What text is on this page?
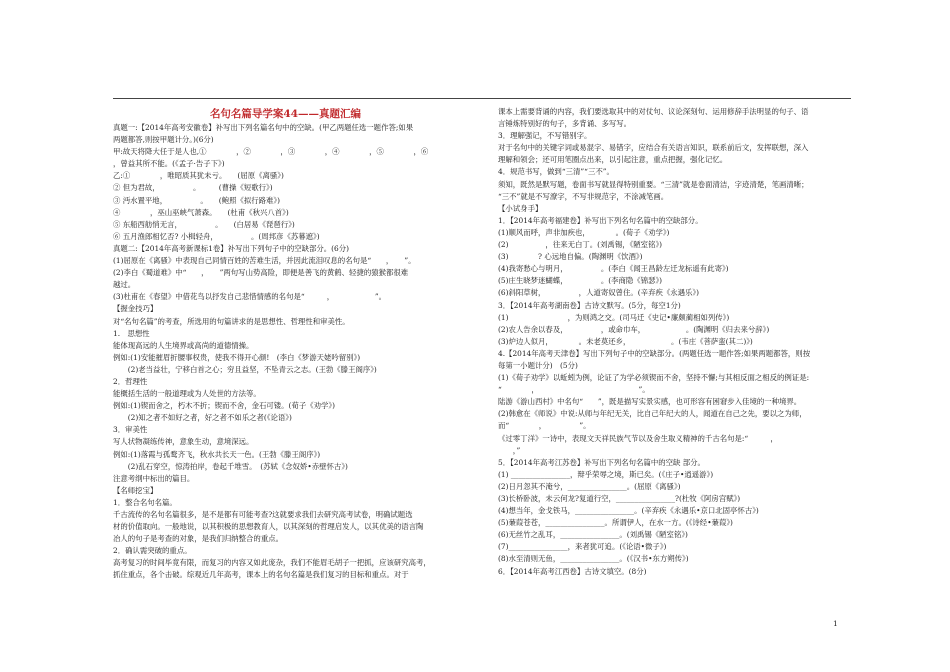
名句名篇导学案44——真题汇编
真题一:【2014年高考安徽卷】补写出下列名篇名句中的空缺。(甲乙两题任选一题作答;如果
两题都答,则按甲题计分。)(6分)
甲:故天将降大任于是人也,①　　　　，②　　　　，③　　　　，④　　　　，⑤　　　　，⑥
，曾益其所不能。(《孟子·告子下》)
乙:①　　　　，唯昭质其犹未亏。　　(屈原《离骚》)
② 但为君故，　　　　　。　　　(曹操《短歌行》)
③ 沔水置平地，　　　　　。　　(鲍照《拟行路难》)
④　　　　，巫山巫峡气萧森。　　(杜甫《秋兴八首》)
⑤ 东船西舫悄无言，　　　　　。　　(白居易《琵琶行》)
⑥ 五月渔郎相忆否? 小楫轻舟，　　　　　。(周邦彦《苏幕遮》)
真题二:【2014年高考新课标1卷】补写出下列句子中的空缺部分。(6分)
(1)屈原在《离骚》中表现自己同情百姓的苦难生活，并因此流泪叹息的名句是“　　，　　”。
(2)李白《蜀道难》中“　　，　　”两句写山势高险，即便是善飞的黄鹤、轻捷的猿猴都很难
越过。
(3)杜甫在《春望》中借花鸟以抒发自己悲惜情感的名句是“　　　，　　　　　　”。
【握金技巧】
对“名句名篇”的考查，所选用的句篇讲求的是思想性、哲理性和审美性。
1.　思想性
能体现高远的人生境界或高尚的道德情操。
例如:(1)安能摧眉折腰事权贵，使我不得开心颜!　(李白《梦游天姥吟留别》)
　　(2)老当益壮，宁移白首之心；穷且益坚，不坠青云之志。(王勃《滕王阁序》)
2．哲理性
能概括生活的一般道理或为人处世的方法等。
例如:(1)锲而舍之，朽木不折；锲而不舍，金石可镂。(荀子《劝学》)
　　(2)知之者不如好之者，好之者不如乐之者(《论语》)
3．审美性
写人状物凝练传神，意象生动，意境深远。
例如:(1)落霞与孤鹜齐飞，秋水共长天一色。(王勃《滕王阁序》)
　　(2)乱石穿空，惊涛拍岸，卷起千堆雪。　(苏轼《念奴娇•赤壁怀古》)
注意考纲中标出的篇目。
【名师挖宝】
1．整合名句名篇。
千古流传的名句名篇很多，是不是都有可能考查?这就要求我们去研究高考试卷，明确试题选
材的价值取向。一般地说，以其积极的思想教育人，以其深刻的哲理启发人，以其优美的语言陶
冶人的句子是考查的对象，是我们归纳整合的重点。
2．确认需突破的重点。
高考复习的时间毕竟有限，而复习的内容又如此庞杂，我们不能眉毛胡子一把抓，应该研究高考，
抓住重点，各个击破。综观近几年高考，课本上的名句名篇是我们复习的目标和重点。对于
课本上需要背诵的内容，我们要选取其中的对仗句、议论深刻句、运用修辞手法明显的句子、语
言锤炼特别好的句子，多背诵、多写写。
3．理解强记，不写错别字。
对于名句中的关键字词或易混字、易错字，应结合有关语言知识，联系前后文，发挥联想，深入
理解和领会；还可用笔圈点出来，以引起注意，重点把握，强化记忆。
4．规范书写，做到“三清”“三不”。
须知，既然是默写题，卷面书写就显得特别重要。“三清”就是卷面清洁，字迹清楚，笔画清晰；
“三不”就是不写潦字，不写非规范字，不涂减笔画。
【小试身手】
1．【2014年高考福建卷】补写出下列名句名篇中的空缺部分。
(1)顺风而呼，声非加疾也，　　　　。(荀子《劝学》)
(2)　　　　　，往来无白丁。(刘禹锡，《陋室铭》)
(3)　　　　? 心远地自偏。(陶渊明《饮酒》)
(4)我寄愁心与明月，　　　　　。(李白《闻王昌龄左迁龙标遥有此寄》)
(5)庄生晓梦迷蝴蝶，　　　　　。(李商隐《锦瑟》)
(6)斜阳草树，　　　　　，人道寄奴曾住。(辛弃疾《永遇乐》)
3．【2014年高考湖南卷】古诗文默写。(5分，每空1分)
(1)　　　　　　　　，为则鸿之交。(司马迁《史记•廉颇蔺相如列传》)
(2)农人告余以春及，　　　　　，或命巾车，　　　　　　。(陶渊明《归去来兮辞》)
(3)炉边人似月，　　　　。未老莫还乡，　　　　　　。(韦庄《菩萨蛮(其二)》)
4.【2014年高考天津卷】写出下列句子中的空缺部分。(两题任选一题作答;如果两题都答，则按
每第一小题计分)　(5分)
(1)《荀子劝学》以蚯蚓为例，论证了为学必须锲而不舍，坚持不懈;与其相反面之相反的例证是:
“　　　　，　　　　　　　　　　　　　　”。
陆游《游山西村》中名句“　　”，既是描写实景实感，也可形容有困窘步入佳境的一种境界。
(2)韩愈在《师说》中说:从师与年纪无关，比自己年纪大的人，闻道在自己之先，要以之为师，
而“　　　　，　　　　　”。
《过零丁洋》一诗中，表现文天祥民族气节以及舍生取义精神的千古名句是:“　　　，
　　，”
5．【2014年高考江苏卷】补写出下列名句名篇中的空缺 部分。
(1) ________________，辩乎荣辱之境，斯已矣。(《庄子•逍遥游》)
(2)日月忽其不淹兮，________________。(屈原《离骚》)
(3)长桥卧波，未云何龙?复道行空，________________?(杜牧《阿房宫赋》)
(4)想当年，金戈铁马，________________。(辛弃疾《永遇乐•京口北固亭怀古》)
(5)蒹葭苍苍，________________。所谓伊人，在水一方。(《诗经•蒹葭》)
(6)无丝竹之乱耳，________________。(刘禹锡《陋室铭》)
(7)________________，来者犹可追。(《论语•微子》)
(8)水至清则无鱼，________________。(《汉书•东方朔传》)
6．【2014年高考江西卷】古诗文填空。(8分)
1
